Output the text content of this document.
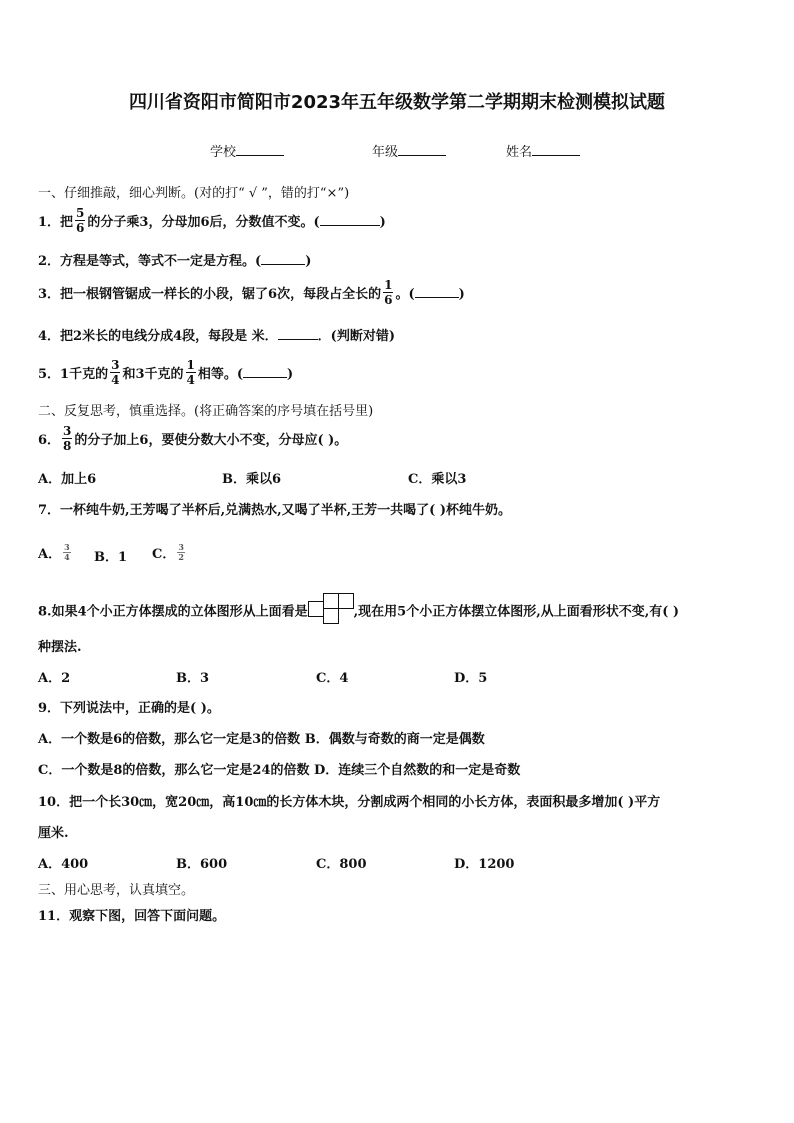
四川省资阳市简阳市2023年五年级数学第二学期期末检测模拟试题
学校	年级	姓名
一、仔细推敲，细心判断。(对的打“ √ ”，错的打“×”)
1．把 $\frac{5}{6}$ 的分子乘3，分母加6后，分数值不变。(	)
2．方程是等式，等式不一定是方程。(	)
3．把一根钢管锯成一样长的小段，锯了6次，每段占全长的 $\frac{1}{6}$ 。(	)
4．把2米长的电线分成4段，每段是 米．	．(判断对错)
5．1千克的 $\frac{3}{4}$ 和3千克的 $\frac{1}{4}$ 相等。(	)
二、反复思考，慎重选择。(将正确答案的序号填在括号里)
6． $\frac{3}{8}$ 的分子加上6，要使分数大小不变，分母应( )。
A．加上6	B．乘以6	C．乘以3
7．一杯纯牛奶,王芳喝了半杯后,兑满热水,又喝了半杯,王芳一共喝了( )杯纯牛奶。
A． $\frac{3}{4}$ B．1 C． $\frac{3}{2}$
8.如果4个小正方体摆成的立体图形从上面看是	,现在用5个小正方体摆立体图形,从上面看形状不变,有( )
种摆法.
A．2	B．3	C．4	D．5
9．下列说法中，正确的是( )。
A．一个数是6的倍数，那么它一定是3的倍数 B．偶数与奇数的商一定是偶数
C．一个数是8的倍数，那么它一定是24的倍数 D．连续三个自然数的和一定是奇数
10．把一个长30㎝，宽20㎝，高10㎝的长方体木块，分割成两个相同的小长方体，表面积最多增加( )平方
厘米.
A．400	B．600	C．800	D．1200
三、用心思考，认真填空。
11．观察下图，回答下面问题。
